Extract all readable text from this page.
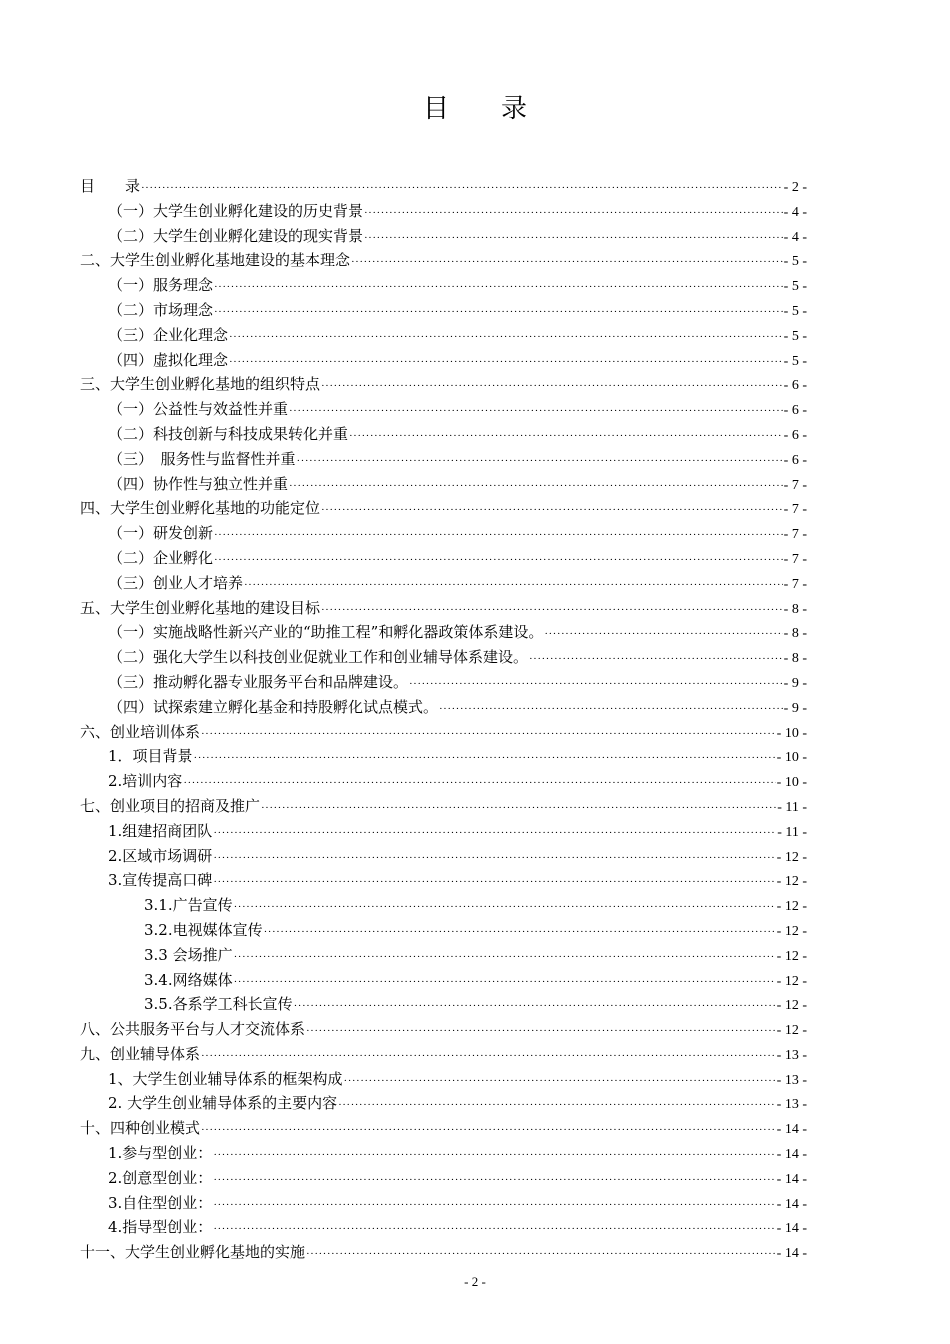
目　　录
目　　录 ·····	- 2 -
（一）大学生创业孵化建设的历史背景 ·····	- 4 -
（二）大学生创业孵化建设的现实背景 ·····	- 4 -
二、大学生创业孵化基地建设的基本理念 ·····	- 5 -
（一）服务理念 ·····	- 5 -
（二）市场理念 ·····	- 5 -
（三）企业化理念 ·····	- 5 -
（四）虚拟化理念 ·····	- 5 -
三、大学生创业孵化基地的组织特点 ·····	- 6 -
（一）公益性与效益性并重 ·····	- 6 -
（二）科技创新与科技成果转化并重 ·····	- 6 -
（三）　服务性与监督性并重 ·····	- 6 -
（四）协作性与独立性并重 ·····	- 7 -
四、大学生创业孵化基地的功能定位 ·····	- 7 -
（一）研发创新 ·····	- 7 -
（二）企业孵化 ·····	- 7 -
（三）创业人才培养 ·····	- 7 -
五、大学生创业孵化基地的建设目标 ·····	- 8 -
（一）实施战略性新兴产业的“助推工程”和孵化器政策体系建设。 ·····	- 8 -
（二）强化大学生以科技创业促就业工作和创业辅导体系建设。 ·····	- 8 -
（三）推动孵化器专业服务平台和品牌建设。 ·····	- 9 -
（四）试探索建立孵化基金和持股孵化试点模式。 ·····	- 9 -
六、创业培训体系 ·····	- 10 -
1．项目背景 ·····	- 10 -
2.培训内容 ·····	- 10 -
七、创业项目的招商及推广 ·····	- 11 -
1.组建招商团队 ·····	- 11 -
2.区域市场调研 ·····	- 12 -
3.宣传提高口碑 ·····	- 12 -
3.1.广告宣传 ·····	- 12 -
3.2.电视媒体宣传 ·····	- 12 -
3.3 会场推广 ·····	- 12 -
3.4.网络媒体 ·····	- 12 -
3.5.各系学工科长宣传 ·····	- 12 -
八、公共服务平台与人才交流体系 ·····	- 12 -
九、创业辅导体系 ·····	- 13 -
1、大学生创业辅导体系的框架构成 ·····	- 13 -
2. 大学生创业辅导体系的主要内容 ·····	- 13 -
十、四种创业模式 ·····	- 14 -
1.参与型创业： ·····	- 14 -
2.创意型创业： ·····	- 14 -
3.自住型创业： ·····	- 14 -
4.指导型创业： ·····	- 14 -
十一、大学生创业孵化基地的实施 ·····	- 14 -
- 2 -
